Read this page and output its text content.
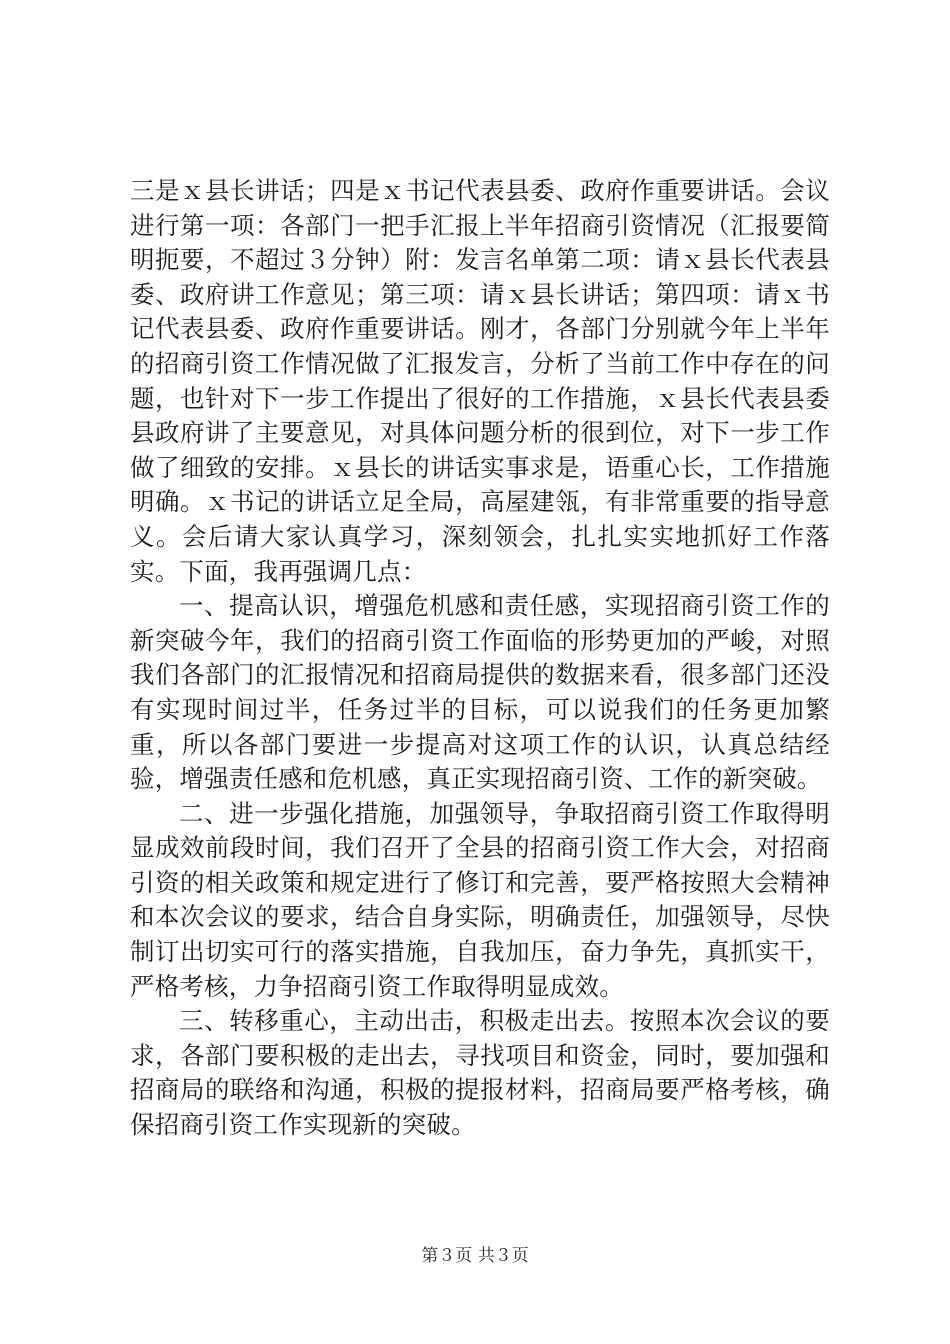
三是ｘ县长讲话；四是ｘ书记代表县委、政府作重要讲话。会议进行第一项：各部门一把手汇报上半年招商引资情况（汇报要简明扼要，不超过３分钟）附：发言名单第二项：请ｘ县长代表县委、政府讲工作意见；第三项：请ｘ县长讲话；第四项：请ｘ书记代表县委、政府作重要讲话。刚才，各部门分别就今年上半年的招商引资工作情况做了汇报发言，分析了当前工作中存在的问题，也针对下一步工作提出了很好的工作措施，ｘ县长代表县委县政府讲了主要意见，对具体问题分析的很到位，对下一步工作做了细致的安排。ｘ县长的讲话实事求是，语重心长，工作措施明确。ｘ书记的讲话立足全局，高屋建瓴，有非常重要的指导意义。会后请大家认真学习，深刻领会，扎扎实实地抓好工作落实。下面，我再强调几点：

一、提高认识，增强危机感和责任感，实现招商引资工作的新突破今年，我们的招商引资工作面临的形势更加的严峻，对照我们各部门的汇报情况和招商局提供的数据来看，很多部门还没有实现时间过半，任务过半的目标，可以说我们的任务更加繁重，所以各部门要进一步提高对这项工作的认识，认真总结经验，增强责任感和危机感，真正实现招商引资、工作的新突破。

二、进一步强化措施，加强领导，争取招商引资工作取得明显成效前段时间，我们召开了全县的招商引资工作大会，对招商引资的相关政策和规定进行了修订和完善，要严格按照大会精神和本次会议的要求，结合自身实际，明确责任，加强领导，尽快制订出切实可行的落实措施，自我加压，奋力争先，真抓实干，严格考核，力争招商引资工作取得明显成效。

三、转移重心，主动出击，积极走出去。按照本次会议的要求，各部门要积极的走出去，寻找项目和资金，同时，要加强和招商局的联络和沟通，积极的提报材料，招商局要严格考核，确保招商引资工作实现新的突破。

第３页 共３页
